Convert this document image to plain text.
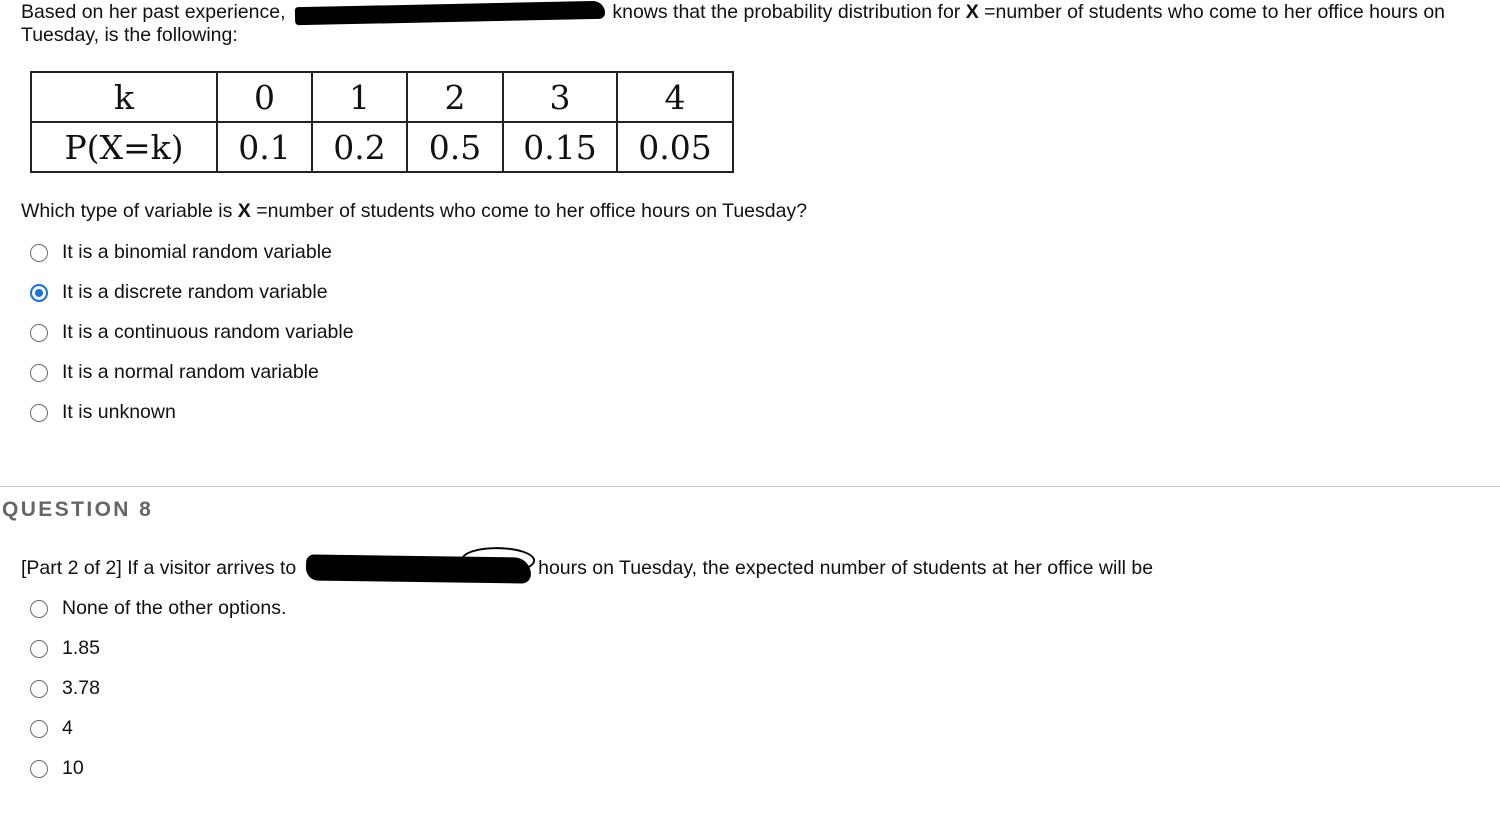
Based on her past experience,	knows that the probability distribution for X =number of students who come to her office hours on Tuesday, is the following:
k	0	1	2	3	4
P(X=k)	0.1	0.2	0.5	0.15	0.05
Which type of variable is X =number of students who come to her office hours on Tuesday?
It is a binomial random variable
It is a discrete random variable
It is a continuous random variable
It is a normal random variable
It is unknown
QUESTION 8
[Part 2 of 2] If a visitor arrives to	hours on Tuesday, the expected number of students at her office will be
None of the other options.
1.85
3.78
4
10
